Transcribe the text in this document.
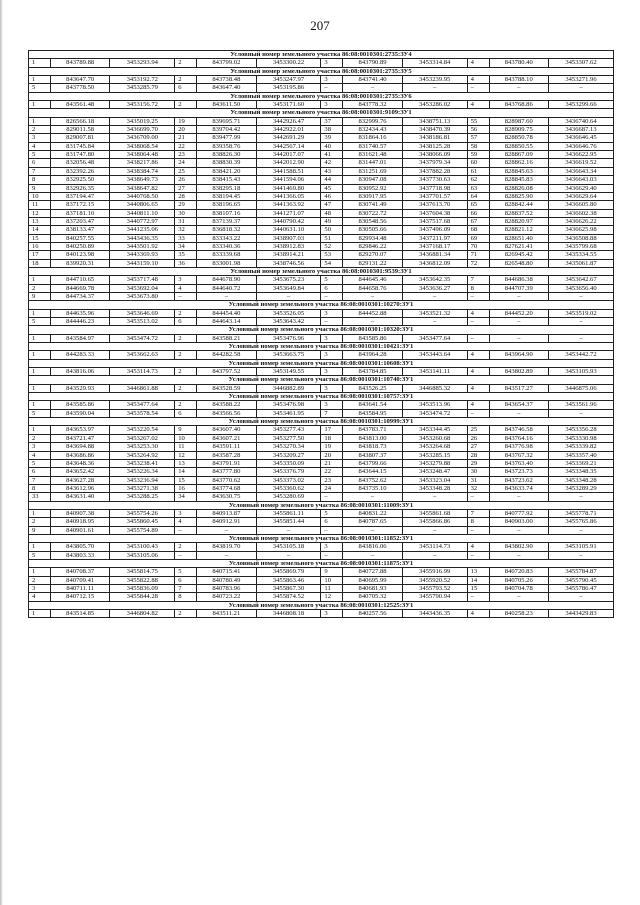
207
Условный номер земельного участка 86:08:0010301:2735:ЗУ4											
1	843789.88	3453293.94	2	843799.02	3453300.22	3	843790.89	3453314.84	4	843780.40	3453307.62
Условный номер земельного участка 86:08:0010301:2735:ЗУ5											
1	843647.70	3453192.72	2	843738.48	3453247.97	3	843741.40	3453239.95	4	843788.10	3453271.96
5	843778.50	3453285.79	6	843647.40	3453195.86	–	–	–	–	–	–
Условный номер земельного участка 86:08:0010301:2735:ЗУ6											
1	843561.48	3453156.72	2	843611.50	3453171.60	3	843778.32	3453286.02	4	843768.86	3453299.66
Условный номер земельного участка 86:08:0010301:9109:ЗУ1											
1	826566.18	3435019.25	19	839695.71	3442926.47	37	832999.76	3438751.13	55	828987.60	3436740.64
2	829011.58	3436699.70	20	839704.42	3442922.01	38	832434.43	3438470.39	56	828909.75	3436687.13
3	829007.81	3436709.00	21	839477.99	3442691.29	39	831864.16	3438186.81	57	828850.78	3436646.45
4	831745.84	3438068.54	22	839358.76	3442567.14	40	831740.57	3438125.28	58	828850.55	3436646.76
5	831747.80	3438064.48	23	838826.30	3442017.07	41	831621.48	3438066.09	59	828867.09	3436622.95
6	832056.48	3438217.86	24	838830.39	3442012.90	42	831447.01	3437979.34	60	828862.16	3436619.52
7	832392.26	3438384.74	25	838421.20	3441588.51	43	831251.69	3437882.28	61	828845.63	3436643.34
8	832925.50	3438649.73	26	838415.43	3441594.06	44	830947.08	3437730.63	62	828845.83	3436643.03
9	832926.35	3438647.82	27	838295.18	3441469.80	45	830952.92	3437718.98	63	828826.08	3436629.40
10	837194.47	3440768.50	28	838194.45	3441366.05	46	830917.95	3437701.57	64	828825.90	3436629.64
11	837172.15	3440806.65	29	838196.65	3441363.92	47	830741.49	3437613.70	65	828842.44	3436605.80
12	837181.10	3440811.10	30	838107.16	3441271.07	48	830722.72	3437604.38	66	828837.52	3436602.38
13	837203.47	3440772.97	31	837139.37	3440790.42	49	830548.56	3437517.68	67	828820.97	3436626.22
14	838133.47	3441235.06	32	836818.32	3440631.10	50	830505.66	3437496.09	68	828821.12	3436625.98
15	840257.55	3443436.35	33	833343.22	3438907.03	51	829934.48	3437211.97	69	828651.40	3436508.88
16	840250.89	3443501.92	34	833340.36	3438912.83	52	829846.22	3437168.17	70	827621.41	3435799.68
17	840123.98	3443369.93	35	833339.68	3438914.21	53	829270.07	3436881.34	71	826945.42	3435334.55
18	839920.31	3443159.10	36	833001.98	3438746.56	54	829131.22	3436812.09	72	826548.80	3435061.87
Условный номер земельного участка 86:08:0010301:9539:ЗУ1											
1	844710.65	3453717.48	3	844678.90	3453675.23	5	844645.46	3453642.35	7	844686.38	3453642.67
2	844669.78	3453692.04	4	844640.72	3453649.84	6	844658.76	3453636.27	8	844707.39	3453656.40
9	844734.37	3453673.80	–	–	–	–	–	–	–	–	–
Условный номер земельного участка 86:08:0010301:10270:ЗУ1											
1	844635.96	3453646.69	2	844454.40	3453526.05	3	844452.88	3453521.32	4	844452.20	3453519.02
5	844446.23	3453513.02	6	844643.14	3453643.42	–	–	–	–	–	–
Условный номер земельного участка 86:08:0010301:10320:ЗУ1											
1	843584.97	3453474.72	2	843588.21	3453476.96	3	843585.86	3453477.64	–	–	–
Условный номер земельного участка 86:08:0010301:10421:ЗУ1											
1	844283.33	3453662.63	2	844282.58	3453663.75	3	843964.28	3453443.64	4	843964.90	3453442.72
Условный номер земельного участка 86:08:0010301:10608:ЗУ1											
1	843816.06	3453114.73	2	843797.52	3453149.55	3	843784.85	3453141.11	4	843802.89	3453105.93
Условный номер земельного участка 86:08:0010301:10740:ЗУ1											
1	843529.93	3446861.88	2	843528.59	3446882.89	3	843526.25	3446885.32	4	843517.27	3446875.06
Условный номер земельного участка 86:08:0010301:10757:ЗУ1											
1	843585.86	3453477.64	2	843588.22	3453476.98	3	843641.54	3453513.96	4	843654.37	3453561.96
5	843590.04	3453578.54	6	843566.56	3453461.95	7	843584.95	3453474.72	–	–	–
Условный номер земельного участка 86:08:0010301:10999:ЗУ1											
1	843653.97	3453220.54	9	843607.40	3453277.43	17	843783.71	3453344.45	25	843746.58	3453356.28
2	843721.47	3453267.02	10	843607.21	3453277.50	18	843813.00	3453260.68	26	843764.16	3453330.98
3	843694.88	3453253.30	11	843591.11	3453270.34	19	843818.73	3453264.68	27	843776.98	3453339.82
4	843686.86	3453264.92	12	843587.28	3453209.27	20	843807.37	3453285.15	28	843767.32	3453357.40
5	843648.36	3453238.41	13	843791.91	3453350.09	21	843799.66	3453279.88	29	843763.40	3453369.21
6	843652.42	3453226.34	14	843777.80	3453376.79	22	843644.15	3453248.47	30	843723.73	3453348.35
7	843627.28	3453236.94	15	843770.62	3453373.02	23	843752.62	3453323.04	31	843723.62	3453348.28
8	843612.96	3453271.38	16	843774.68	3453360.62	24	843735.10	3453348.28	32	843633.74	3453289.29
33	843631.40	3453288.25	34	843630.75	3453280.69	–	–	–	–	–	–
Условный номер земельного участка 86:08:0010301:11009:ЗУ1											
1	840907.38	3455754.26	3	840913.87	3455861.11	5	840831.22	3455861.68	7	840777.92	3455778.71
2	840918.95	3455860.45	4	840912.91	3455851.44	6	840787.65	3455866.86	8	840903.00	3455765.86
9	840901.61	3455754.89	–	–	–	–	–	–	–	–	–
Условный номер земельного участка 86:08:0010301:11852:ЗУ1											
1	843805.70	3453100.43	2	843819.70	3453105.18	3	843816.06	3453114.73	4	843802.90	3453105.91
5	843803.33	3453105.06	–	–	–	–	–	–	–	–	–
Условный номер земельного участка 86:08:0010301:11875:ЗУ1											
1	840708.37	3455814.75	5	840715.41	3455869.79	9	840727.88	3455916.99	13	840720.83	3455784.87
2	840709.41	3455822.88	6	840780.49	3455863.46	10	840695.99	3455920.52	14	840705.26	3455790.45
3	840711.11	3455836.09	7	840783.96	3455867.30	11	840681.93	3455793.52	15	840704.78	3455786.47
4	840712.15	3455844.28	8	840723.22	3455874.52	12	840705.32	3455790.94	–	–	–
Условный номер земельного участка 86:08:0010301:12525:ЗУ1											
1	843514.85	3446804.82	2	843511.21	3446808.18	3	840257.56	3443436.35	4	840258.23	3443429.83
